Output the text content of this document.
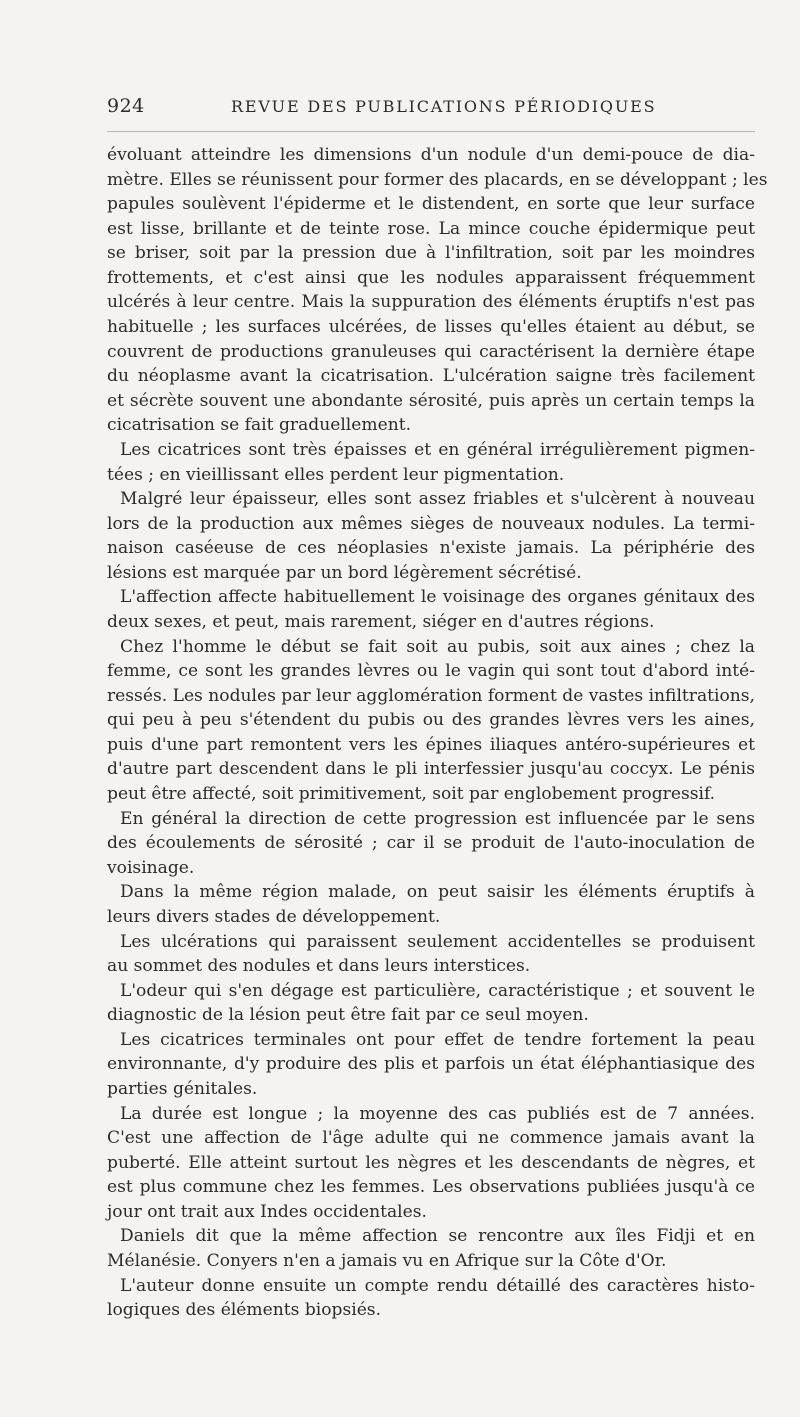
924	REVUE DES PUBLICATIONS PÉRIODIQUES
évoluant atteindre les dimensions d'un nodule d'un demi-pouce de dia-
mètre. Elles se réunissent pour former des placards, en se développant ; les
papules soulèvent l'épiderme et le distendent, en sorte que leur surface
est lisse, brillante et de teinte rose. La mince couche épidermique peut
se briser, soit par la pression due à l'infiltration, soit par les moindres
frottements, et c'est ainsi que les nodules apparaissent fréquemment
ulcérés à leur centre. Mais la suppuration des éléments éruptifs n'est pas
habituelle ; les surfaces ulcérées, de lisses qu'elles étaient au début, se
couvrent de productions granuleuses qui caractérisent la dernière étape
du néoplasme avant la cicatrisation. L'ulcération saigne très facilement
et sécrète souvent une abondante sérosité, puis après un certain temps la
cicatrisation se fait graduellement.
Les cicatrices sont très épaisses et en général irrégulièrement pigmen-
tées ; en vieillissant elles perdent leur pigmentation.
Malgré leur épaisseur, elles sont assez friables et s'ulcèrent à nouveau
lors de la production aux mêmes sièges de nouveaux nodules. La termi-
naison caséeuse de ces néoplasies n'existe jamais. La périphérie des
lésions est marquée par un bord légèrement sécrétisé.
L'affection affecte habituellement le voisinage des organes génitaux des
deux sexes, et peut, mais rarement, siéger en d'autres régions.
Chez l'homme le début se fait soit au pubis, soit aux aines ; chez la
femme, ce sont les grandes lèvres ou le vagin qui sont tout d'abord inté-
ressés. Les nodules par leur agglomération forment de vastes infiltrations,
qui peu à peu s'étendent du pubis ou des grandes lèvres vers les aines,
puis d'une part remontent vers les épines iliaques antéro-supérieures et
d'autre part descendent dans le pli interfessier jusqu'au coccyx. Le pénis
peut être affecté, soit primitivement, soit par englobement progressif.
En général la direction de cette progression est influencée par le sens
des écoulements de sérosité ; car il se produit de l'auto-inoculation de
voisinage.
Dans la même région malade, on peut saisir les éléments éruptifs à
leurs divers stades de développement.
Les ulcérations qui paraissent seulement accidentelles se produisent
au sommet des nodules et dans leurs interstices.
L'odeur qui s'en dégage est particulière, caractéristique ; et souvent le
diagnostic de la lésion peut être fait par ce seul moyen.
Les cicatrices terminales ont pour effet de tendre fortement la peau
environnante, d'y produire des plis et parfois un état éléphantiasique des
parties génitales.
La durée est longue ; la moyenne des cas publiés est de 7 années.
C'est une affection de l'âge adulte qui ne commence jamais avant la
puberté. Elle atteint surtout les nègres et les descendants de nègres, et
est plus commune chez les femmes. Les observations publiées jusqu'à ce
jour ont trait aux Indes occidentales.
Daniels dit que la même affection se rencontre aux îles Fidji et en
Mélanésie. Conyers n'en a jamais vu en Afrique sur la Côte d'Or.
L'auteur donne ensuite un compte rendu détaillé des caractères histo-
logiques des éléments biopsiés.
